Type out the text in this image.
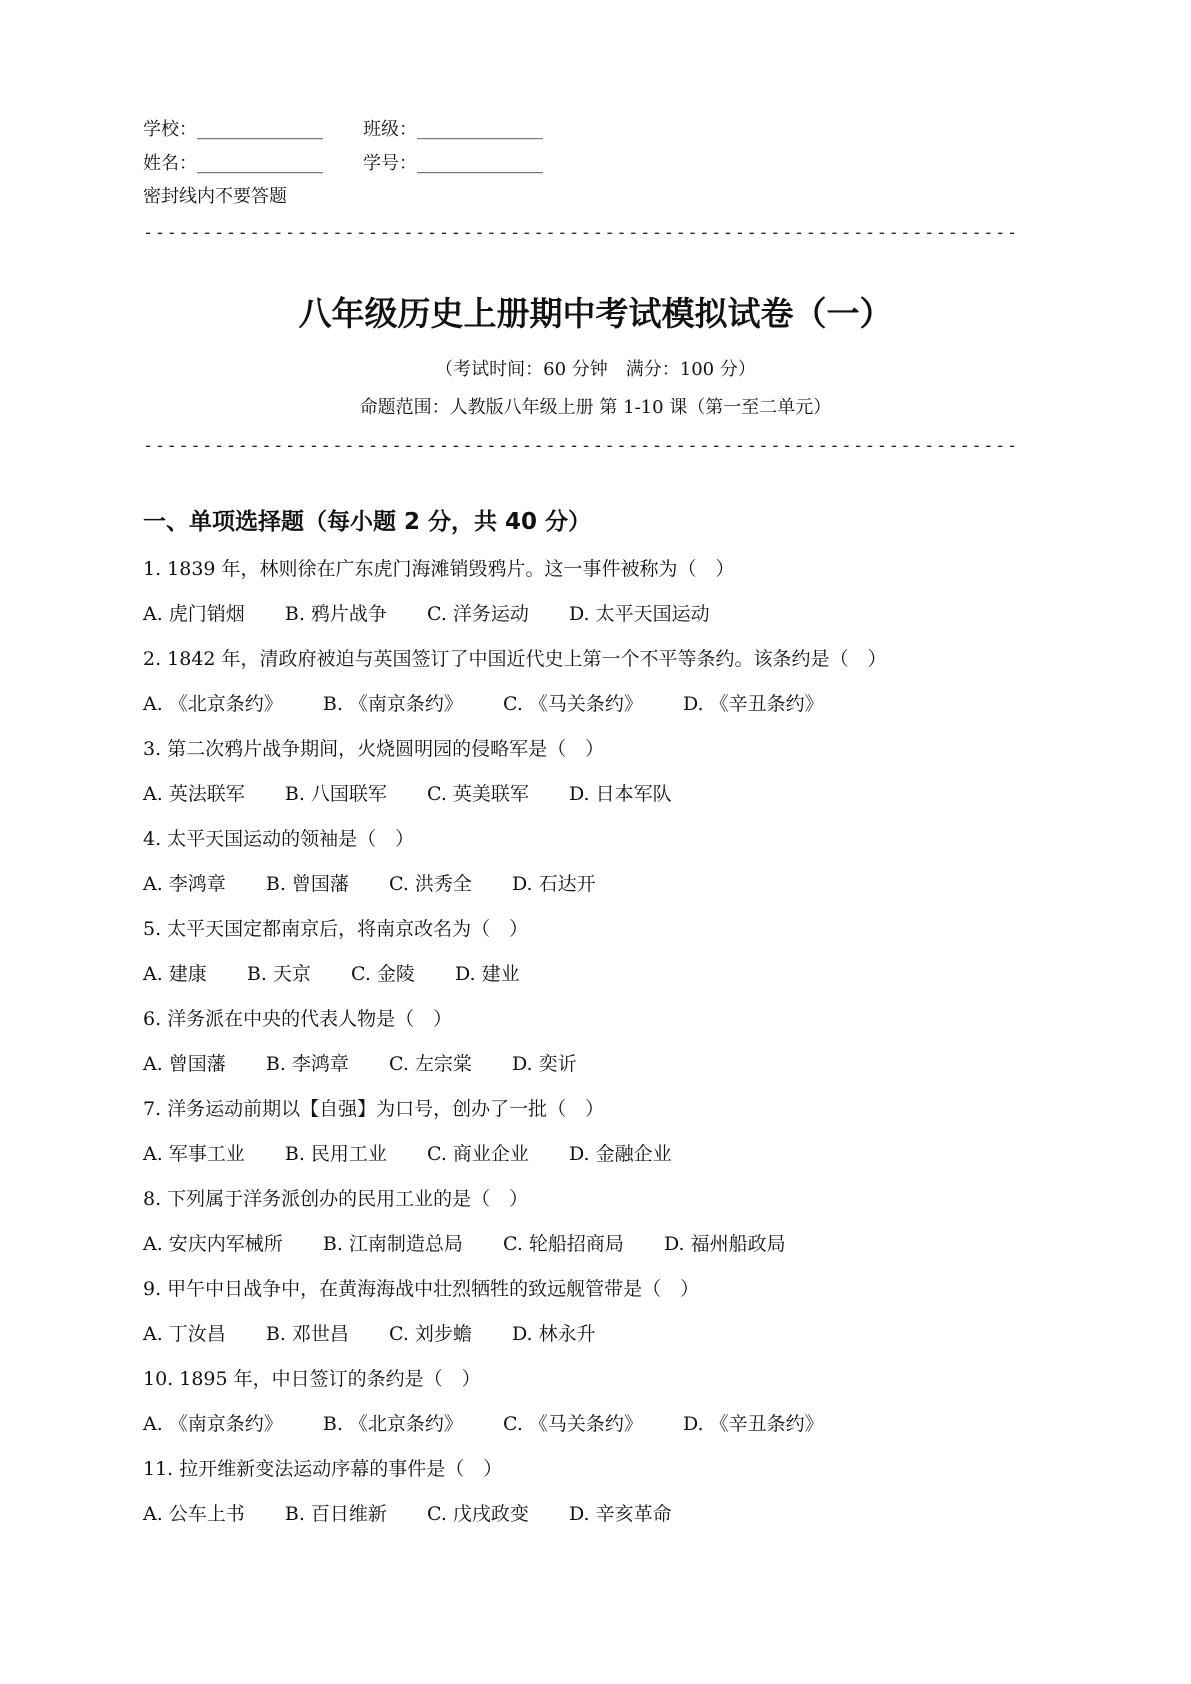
学校：______________ 班级：______________
姓名：______________ 学号：______________
密封线内不要答题
--------------------------------------------------------------------------
八年级历史上册期中考试模拟试卷（一）
（考试时间：60 分钟　满分：100 分）
命题范围：人教版八年级上册 第 1-10 课（第一至二单元）
--------------------------------------------------------------------------
一、单项选择题（每小题 2 分，共 40 分）
1. 1839 年，林则徐在广东虎门海滩销毁鸦片。这一事件被称为（　）
A. 虎门销烟 B. 鸦片战争 C. 洋务运动 D. 太平天国运动
2. 1842 年，清政府被迫与英国签订了中国近代史上第一个不平等条约。该条约是（　）
A. 《北京条约》 B. 《南京条约》 C. 《马关条约》 D. 《辛丑条约》
3. 第二次鸦片战争期间，火烧圆明园的侵略军是（　）
A. 英法联军 B. 八国联军 C. 英美联军 D. 日本军队
4. 太平天国运动的领袖是（　）
A. 李鸿章 B. 曾国藩 C. 洪秀全 D. 石达开
5. 太平天国定都南京后，将南京改名为（　）
A. 建康 B. 天京 C. 金陵 D. 建业
6. 洋务派在中央的代表人物是（　）
A. 曾国藩 B. 李鸿章 C. 左宗棠 D. 奕䜣
7. 洋务运动前期以【自强】为口号，创办了一批（　）
A. 军事工业 B. 民用工业 C. 商业企业 D. 金融企业
8. 下列属于洋务派创办的民用工业的是（　）
A. 安庆内军械所 B. 江南制造总局 C. 轮船招商局 D. 福州船政局
9. 甲午中日战争中，在黄海海战中壮烈牺牲的致远舰管带是（　）
A. 丁汝昌 B. 邓世昌 C. 刘步蟾 D. 林永升
10. 1895 年，中日签订的条约是（　）
A. 《南京条约》 B. 《北京条约》 C. 《马关条约》 D. 《辛丑条约》
11. 拉开维新变法运动序幕的事件是（　）
A. 公车上书 B. 百日维新 C. 戊戌政变 D. 辛亥革命
